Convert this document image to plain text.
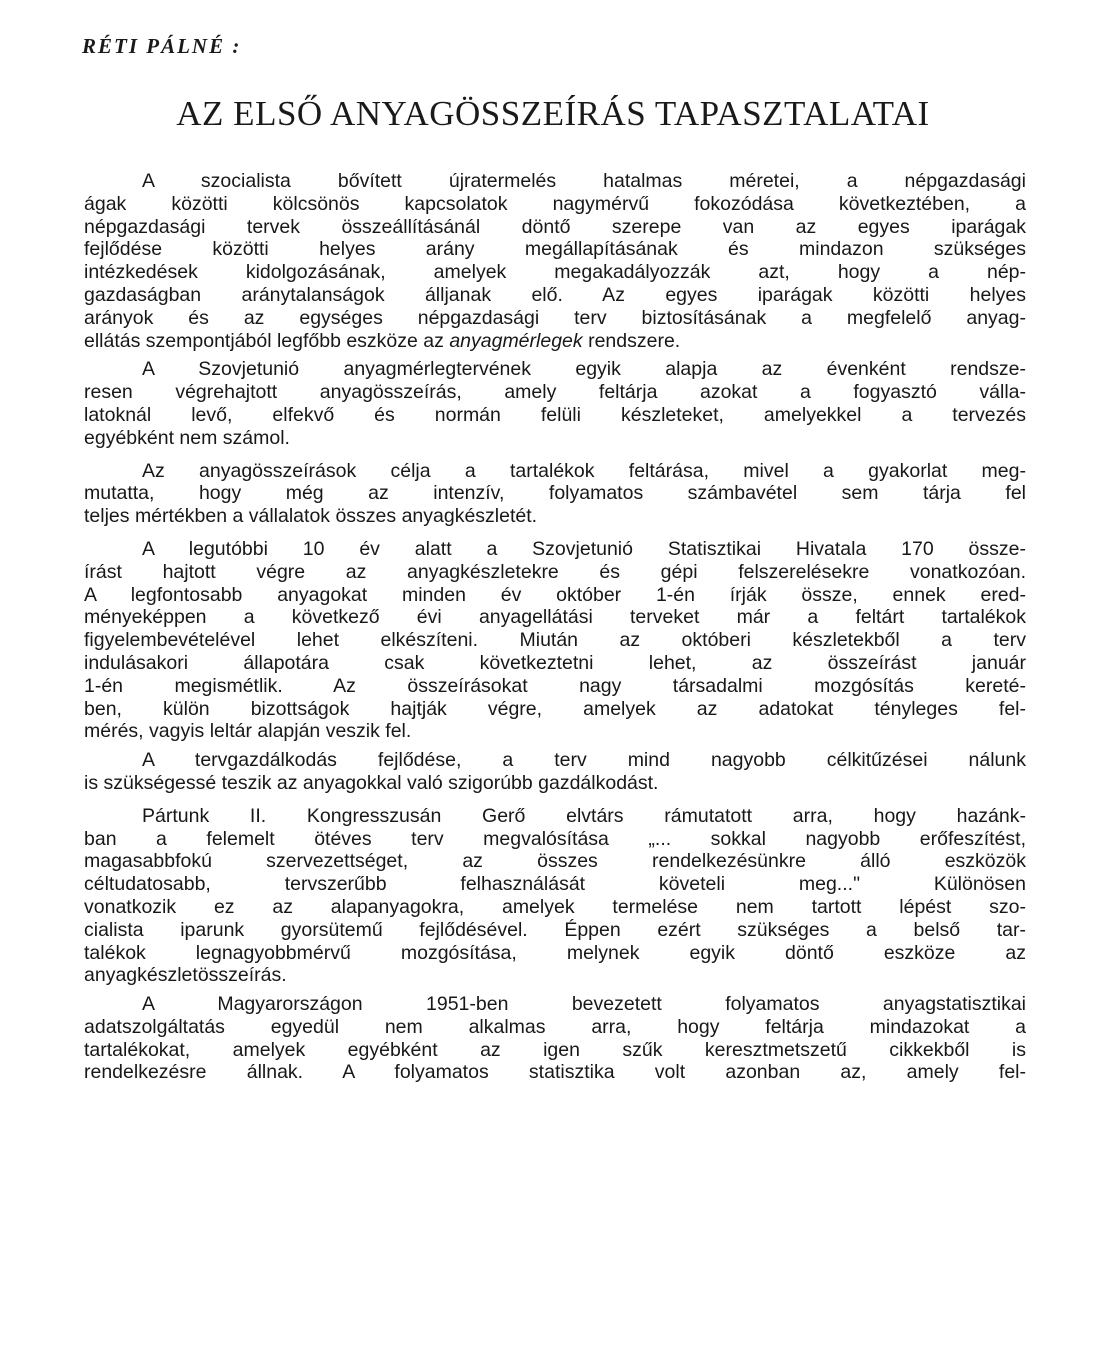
RÉTI PÁLNÉ :
AZ ELSŐ ANYAGÖSSZEÍRÁS TAPASZTALATAI
A szocialista bővített újratermelés hatalmas méretei, a népgazdasági
ágak közötti kölcsönös kapcsolatok nagymérvű fokozódása következtében, a
népgazdasági tervek összeállításánál döntő szerepe van az egyes iparágak
fejlődése közötti helyes arány megállapításának és mindazon szükséges
intézkedések kidolgozásának, amelyek megakadályozzák azt, hogy a nép-
gazdaságban aránytalanságok álljanak elő. Az egyes iparágak közötti helyes
arányok és az egységes népgazdasági terv biztosításának a megfelelő anyag-
ellátás szempontjából legfőbb eszköze az anyagmérlegek rendszere.
A Szovjetunió anyagmérlegtervének egyik alapja az évenként rendsze-
resen végrehajtott anyagösszeírás, amely feltárja azokat a fogyasztó válla-
latoknál levő, elfekvő és normán felüli készleteket, amelyekkel a tervezés
egyébként nem számol.
Az anyagösszeírások célja a tartalékok feltárása, mivel a gyakorlat meg-
mutatta, hogy még az intenzív, folyamatos számbavétel sem tárja fel
teljes mértékben a vállalatok összes anyagkészletét.
A legutóbbi 10 év alatt a Szovjetunió Statisztikai Hivatala 170 össze-
írást hajtott végre az anyagkészletekre és gépi felszerelésekre vonatkozóan.
A legfontosabb anyagokat minden év október 1-én írják össze, ennek ered-
ményeképpen a következő évi anyagellátási terveket már a feltárt tartalékok
figyelembevételével lehet elkészíteni. Miután az októberi készletekből a terv
indulásakori állapotára csak következtetni lehet, az összeírást január
1-én megismétlik. Az összeírásokat nagy társadalmi mozgósítás kereté-
ben, külön bizottságok hajtják végre, amelyek az adatokat tényleges fel-
mérés, vagyis leltár alapján veszik fel.
A tervgazdálkodás fejlődése, a terv mind nagyobb célkitűzései nálunk
is szükségessé teszik az anyagokkal való szigorúbb gazdálkodást.
Pártunk II. Kongresszusán Gerő elvtárs rámutatott arra, hogy hazánk-
ban a felemelt ötéves terv megvalósítása „... sokkal nagyobb erőfeszítést,
magasabbfokú szervezettséget, az összes rendelkezésünkre álló eszközök
céltudatosabb, tervszerűbb felhasználását követeli meg..." Különösen
vonatkozik ez az alapanyagokra, amelyek termelése nem tartott lépést szo-
cialista iparunk gyorsütemű fejlődésével. Éppen ezért szükséges a belső tar-
talékok legnagyobbmérvű mozgósítása, melynek egyik döntő eszköze az
anyagkészletösszeírás.
A Magyarországon 1951-ben bevezetett folyamatos anyagstatisztikai
adatszolgáltatás egyedül nem alkalmas arra, hogy feltárja mindazokat a
tartalékokat, amelyek egyébként az igen szűk keresztmetszetű cikkekből is
rendelkezésre állnak. A folyamatos statisztika volt azonban az, amely fel-
